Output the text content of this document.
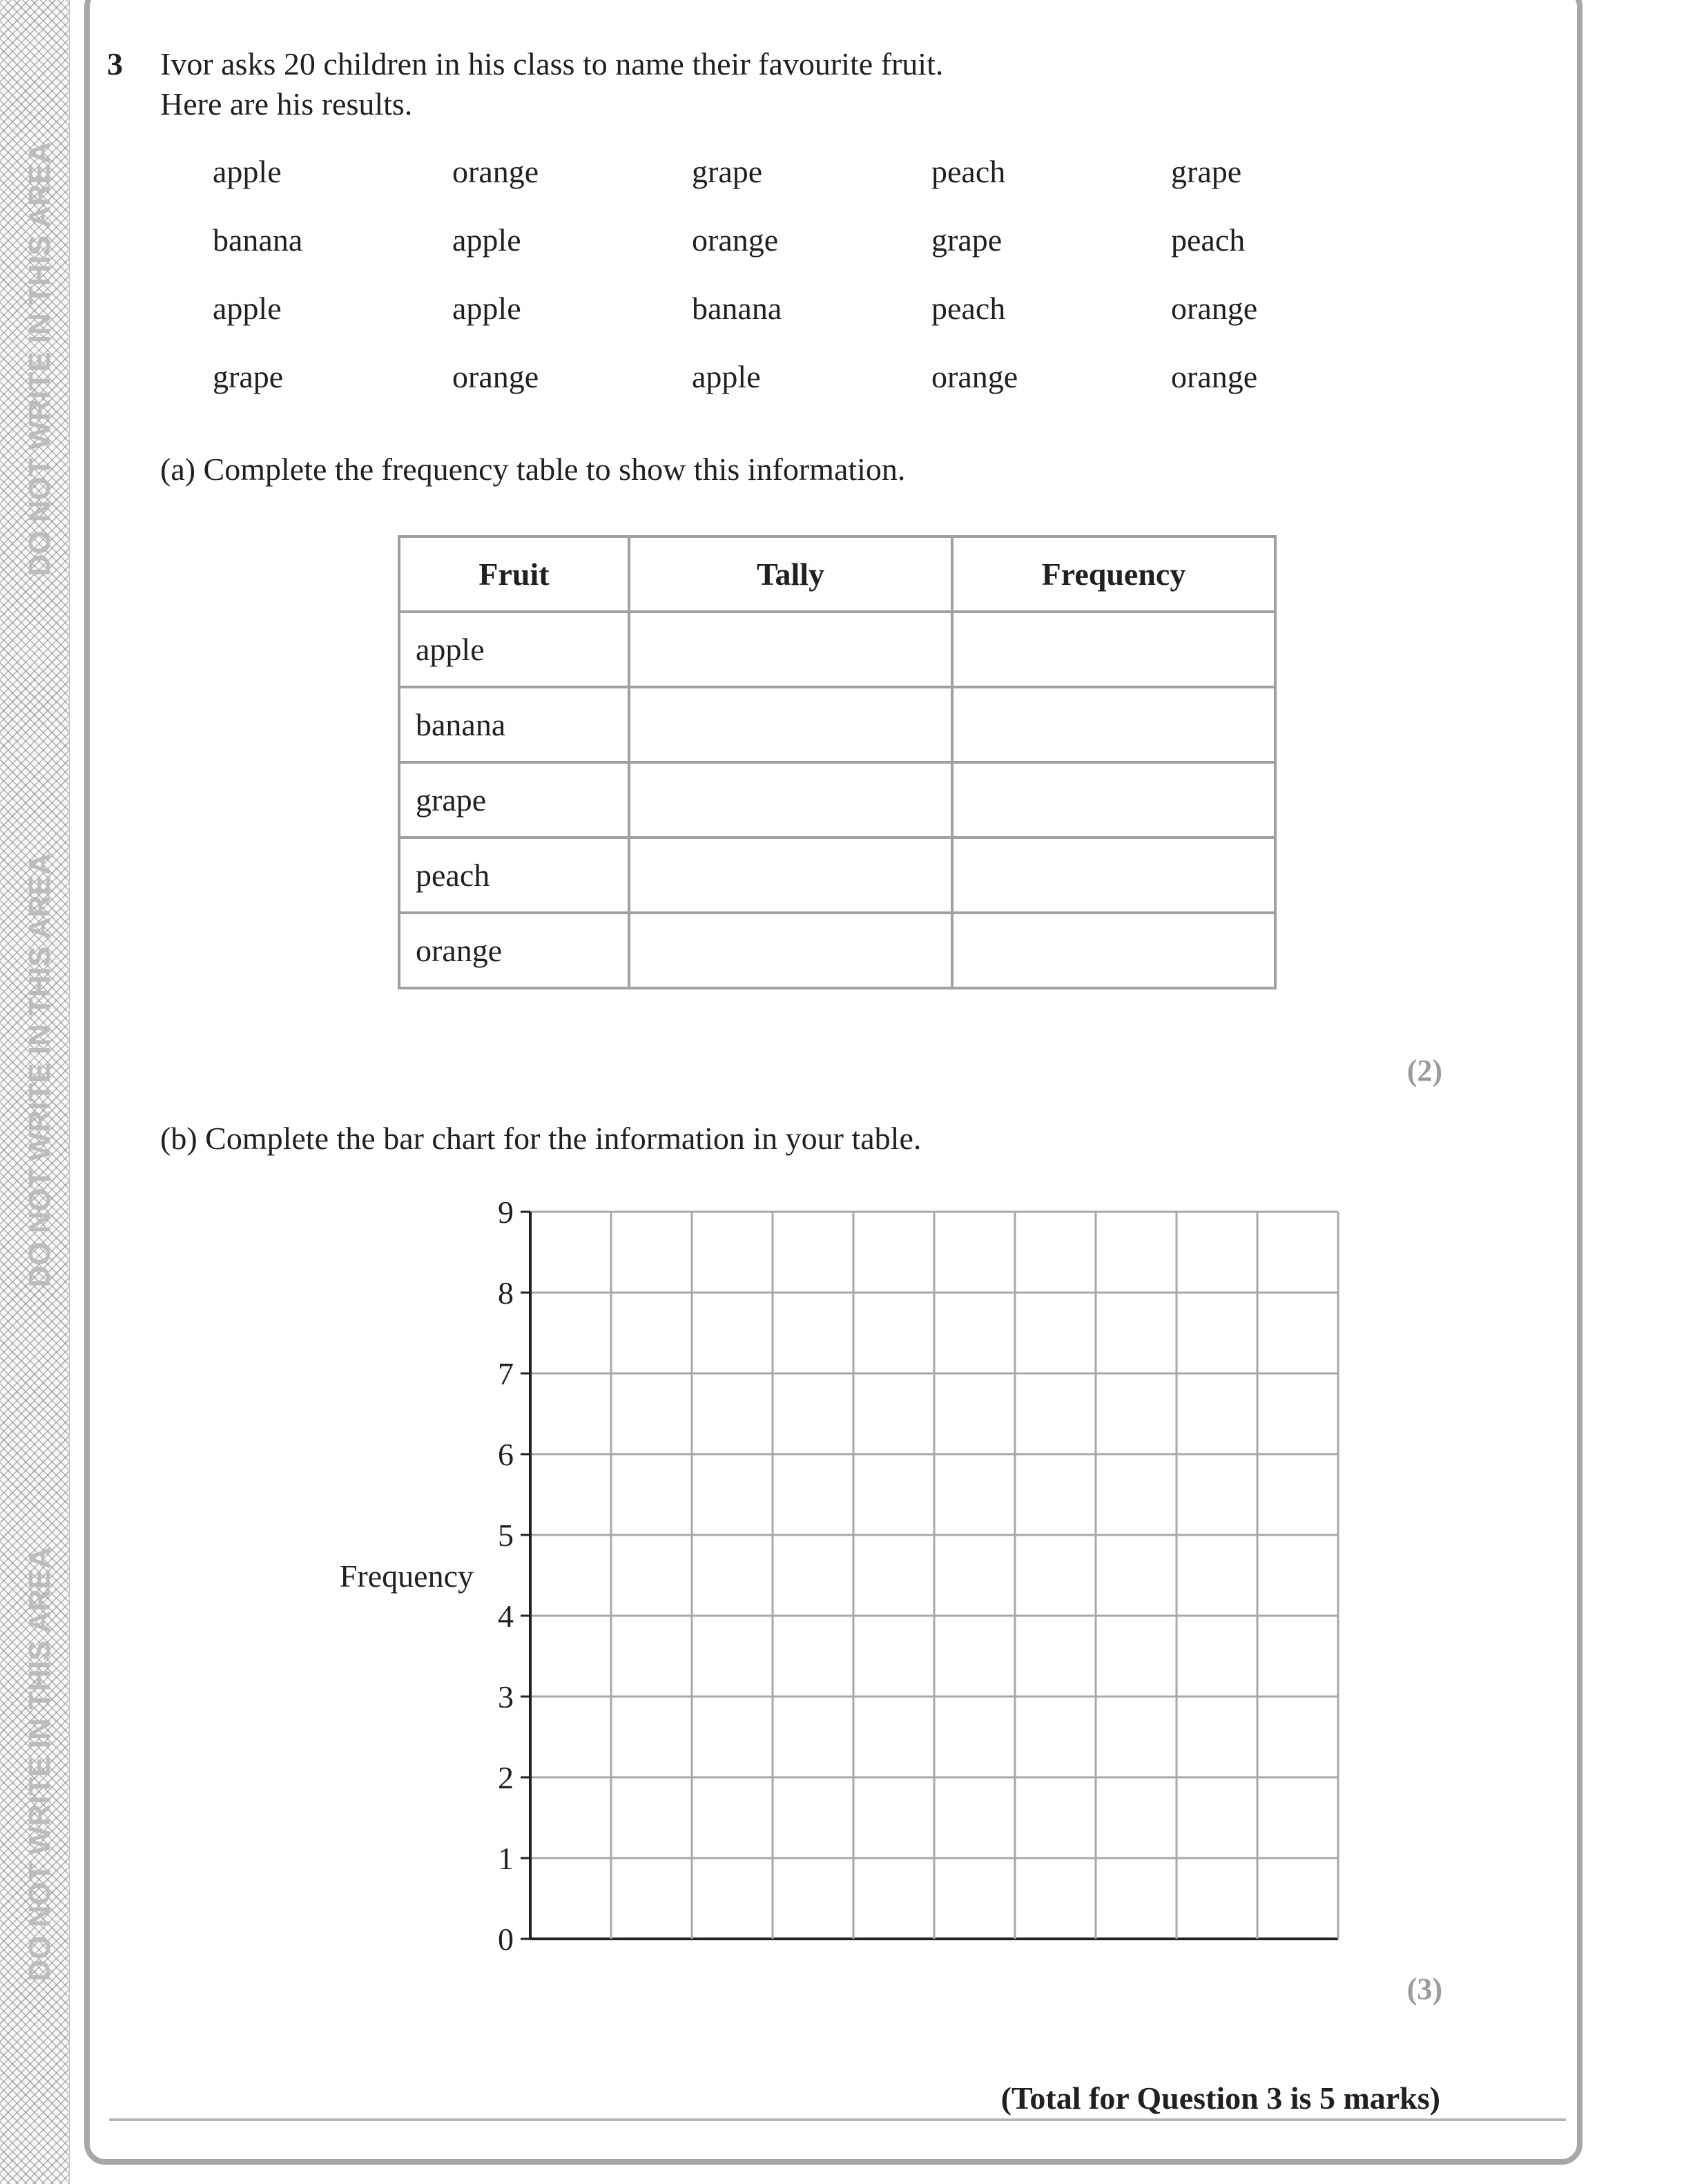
DO NOT WRITE IN THIS AREA
DO NOT WRITE IN THIS AREA
DO NOT WRITE IN THIS AREA
3 Ivor asks 20 children in his class to name their favourite fruit.
Here are his results.
apple	orange	grape	peach	grape
banana	apple	orange	grape	peach
apple	apple	banana	peach	orange
grape	orange	apple	orange	orange
(a) Complete the frequency table to show this information.
Fruit	Tally	Frequency
apple		
banana		
grape		
peach		
orange		
(2)
(b) Complete the bar chart for the information in your table.
0
1
2
3
4
5
6
7
8
9
Frequency
(3)
(Total for Question 3 is 5 marks)
